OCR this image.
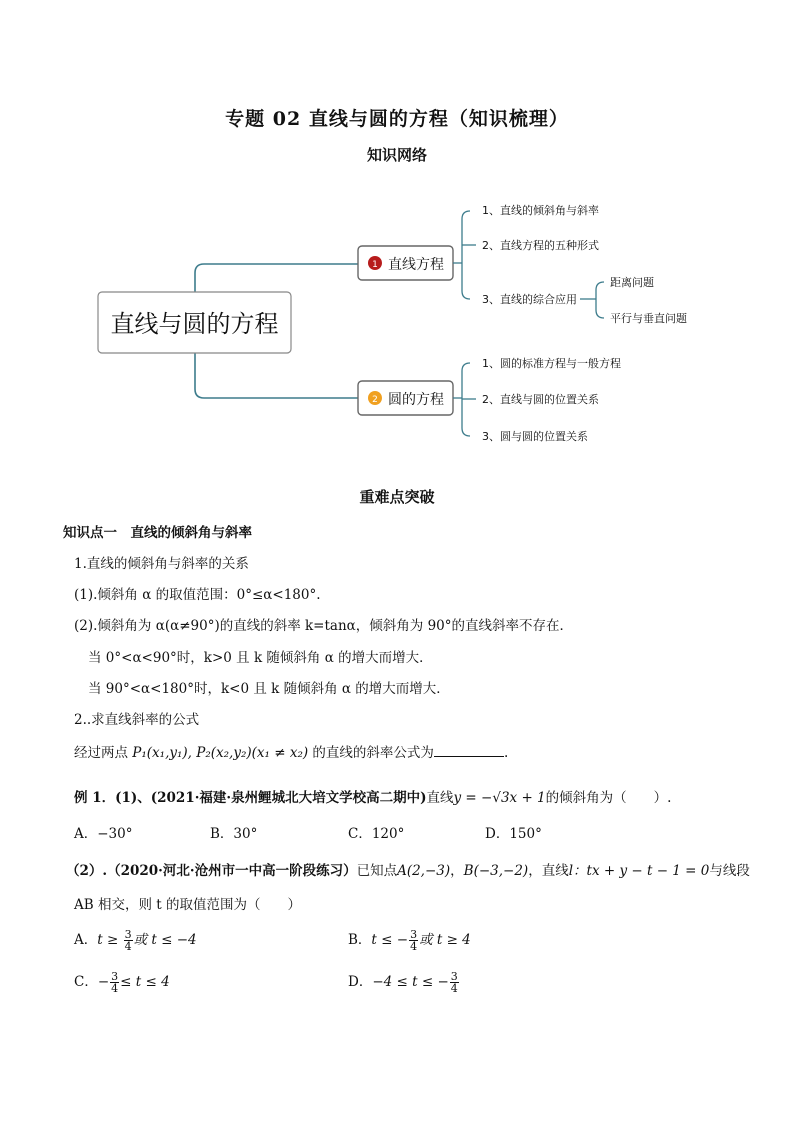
专题 02 直线与圆的方程（知识梳理）
知识网络
直线与圆的方程
1 直线方程
1、直线的倾斜角与斜率
2、直线方程的五种形式
3、直线的综合应用
距离问题
平行与垂直问题
2 圆的方程
1、圆的标准方程与一般方程
2、直线与圆的位置关系
3、圆与圆的位置关系
重难点突破
知识点一　直线的倾斜角与斜率
1.直线的倾斜角与斜率的关系
(1).倾斜角 α 的取值范围：0°≤α<180°.
(2).倾斜角为 α(α≠90°)的直线的斜率 k=tanα，倾斜角为 90°的直线斜率不存在．
当 0°<α<90°时，k>0 且 k 随倾斜角 α 的增大而增大．
当 90°<α<180°时，k<0 且 k 随倾斜角 α 的增大而增大．
2..求直线斜率的公式
经过两点 P₁(x₁,y₁), P₂(x₂,y₂)(x₁ ≠ x₂) 的直线的斜率公式为	.
例 1．(1)、(2021·福建·泉州鲤城北大培文学校高二期中)直线y = −√3x + 1的倾斜角为（　　）.
A．−30°	B．30°	C．120°	D．150°
（2）.（2020·河北·沧州市一中高一阶段练习）已知点A(2,−3)，B(−3,−2)，直线l：tx + y − t − 1 = 0与线段
AB 相交，则 t 的取值范围为（　　）
A．$t \ge \frac{3}{4}$ 或 t ≤ −4	B．t ≤ − $\frac{3}{4}$ 或 t ≥ 4
C．− $\frac{3}{4} \le t \le 4$	D．−4 ≤ t ≤ − $\frac{3}{4}$
